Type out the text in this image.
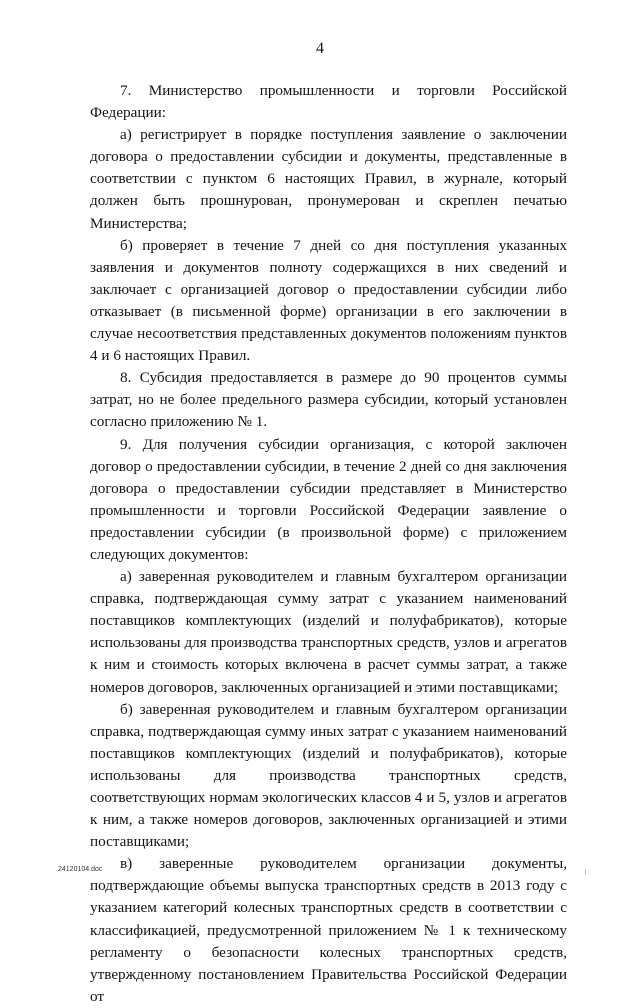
4

7. Министерство промышленности и торговли Российской Федерации:

а) регистрирует в порядке поступления заявление о заключении договора о предоставлении субсидии и документы, представленные в соответствии с пунктом 6 настоящих Правил, в журнале, который должен быть прошнурован, пронумерован и скреплен печатью Министерства;

б) проверяет в течение 7 дней со дня поступления указанных заявления и документов полноту содержащихся в них сведений и заключает с организацией договор о предоставлении субсидии либо отказывает (в письменной форме) организации в его заключении в случае несоответствия представленных документов положениям пунктов 4 и 6 настоящих Правил.

8. Субсидия предоставляется в размере до 90 процентов суммы затрат, но не более предельного размера субсидии, который установлен согласно приложению № 1.

9. Для получения субсидии организация, с которой заключен договор о предоставлении субсидии, в течение 2 дней со дня заключения договора о предоставлении субсидии представляет в Министерство промышленности и торговли Российской Федерации заявление о предоставлении субсидии (в произвольной форме) с приложением следующих документов:

а) заверенная руководителем и главным бухгалтером организации справка, подтверждающая сумму затрат с указанием наименований поставщиков комплектующих (изделий и полуфабрикатов), которые использованы для производства транспортных средств, узлов и агрегатов к ним и стоимость которых включена в расчет суммы затрат, а также номеров договоров, заключенных организацией и этими поставщиками;

б) заверенная руководителем и главным бухгалтером организации справка, подтверждающая сумму иных затрат с указанием наименований поставщиков комплектующих (изделий и полуфабрикатов), которые использованы для производства транспортных средств, соответствующих нормам экологических классов 4 и 5, узлов и агрегатов к ним, а также номеров договоров, заключенных организацией и этими поставщиками;

в) заверенные руководителем организации документы, подтверждающие объемы выпуска транспортных средств в 2013 году с указанием категорий колесных транспортных средств в соответствии с классификацией, предусмотренной приложением № 1 к техническому регламенту о безопасности колесных транспортных средств, утвержденному постановлением Правительства Российской Федерации от

24120104.doc
